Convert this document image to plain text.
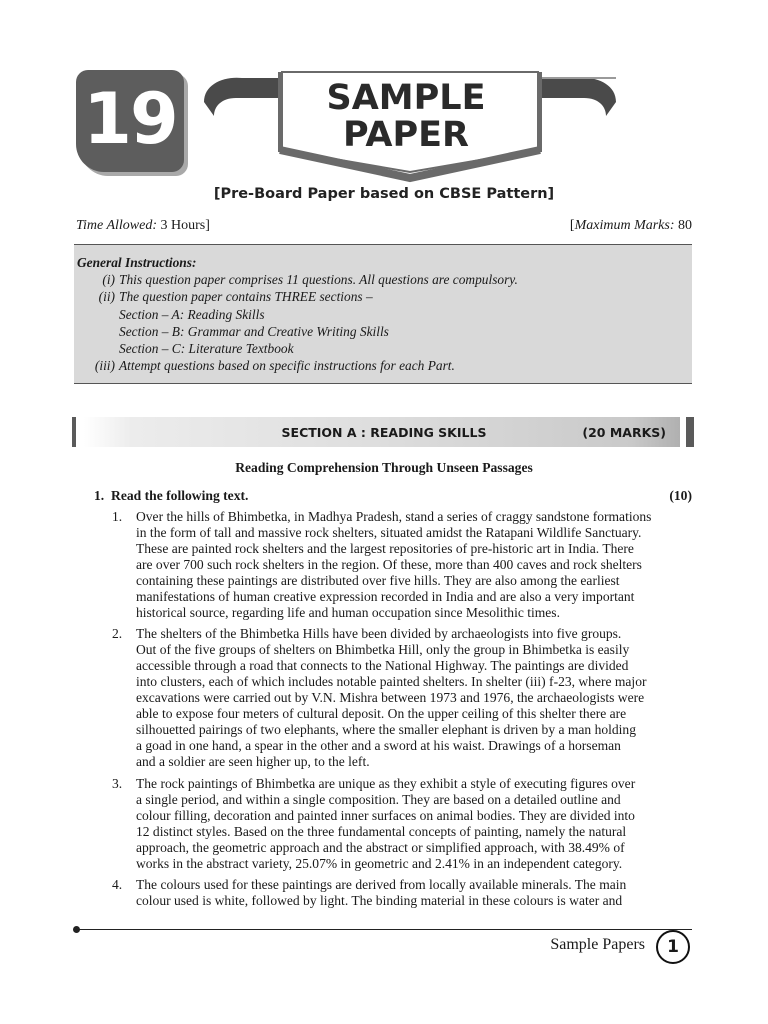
19	SAMPLE
PAPER
[Pre-Board Paper based on CBSE Pattern]
Time Allowed: 3 Hours]	[Maximum Marks: 80
General Instructions:
(i) This question paper comprises 11 questions. All questions are compulsory.
(ii) The question paper contains THREE sections –
Section – A: Reading Skills
Section – B: Grammar and Creative Writing Skills
Section – C: Literature Textbook
(iii) Attempt questions based on specific instructions for each Part.
SECTION A : READING SKILLS	(20 MARKS)
Reading Comprehension Through Unseen Passages
1. Read the following text.	(10)
1.	Over the hills of Bhimbetka, in Madhya Pradesh, stand a series of craggy sandstone formations
in the form of tall and massive rock shelters, situated amidst the Ratapani Wildlife Sanctuary.
These are painted rock shelters and the largest repositories of pre-historic art in India. There
are over 700 such rock shelters in the region. Of these, more than 400 caves and rock shelters
containing these paintings are distributed over five hills. They are also among the earliest
manifestations of human creative expression recorded in India and are also a very important
historical source, regarding life and human occupation since Mesolithic times.
2.	The shelters of the Bhimbetka Hills have been divided by archaeologists into five groups.
Out of the five groups of shelters on Bhimbetka Hill, only the group in Bhimbetka is easily
accessible through a road that connects to the National Highway. The paintings are divided
into clusters, each of which includes notable painted shelters. In shelter (iii) f-23, where major
excavations were carried out by V.N. Mishra between 1973 and 1976, the archaeologists were
able to expose four meters of cultural deposit. On the upper ceiling of this shelter there are
silhouetted pairings of two elephants, where the smaller elephant is driven by a man holding
a goad in one hand, a spear in the other and a sword at his waist. Drawings of a horseman
and a soldier are seen higher up, to the left.
3.	The rock paintings of Bhimbetka are unique as they exhibit a style of executing figures over
a single period, and within a single composition. They are based on a detailed outline and
colour filling, decoration and painted inner surfaces on animal bodies. They are divided into
12 distinct styles. Based on the three fundamental concepts of painting, namely the natural
approach, the geometric approach and the abstract or simplified approach, with 38.49% of
works in the abstract variety, 25.07% in geometric and 2.41% in an independent category.
4.	The colours used for these paintings are derived from locally available minerals. The main
colour used is white, followed by light. The binding material in these colours is water and
Sample Papers	1
